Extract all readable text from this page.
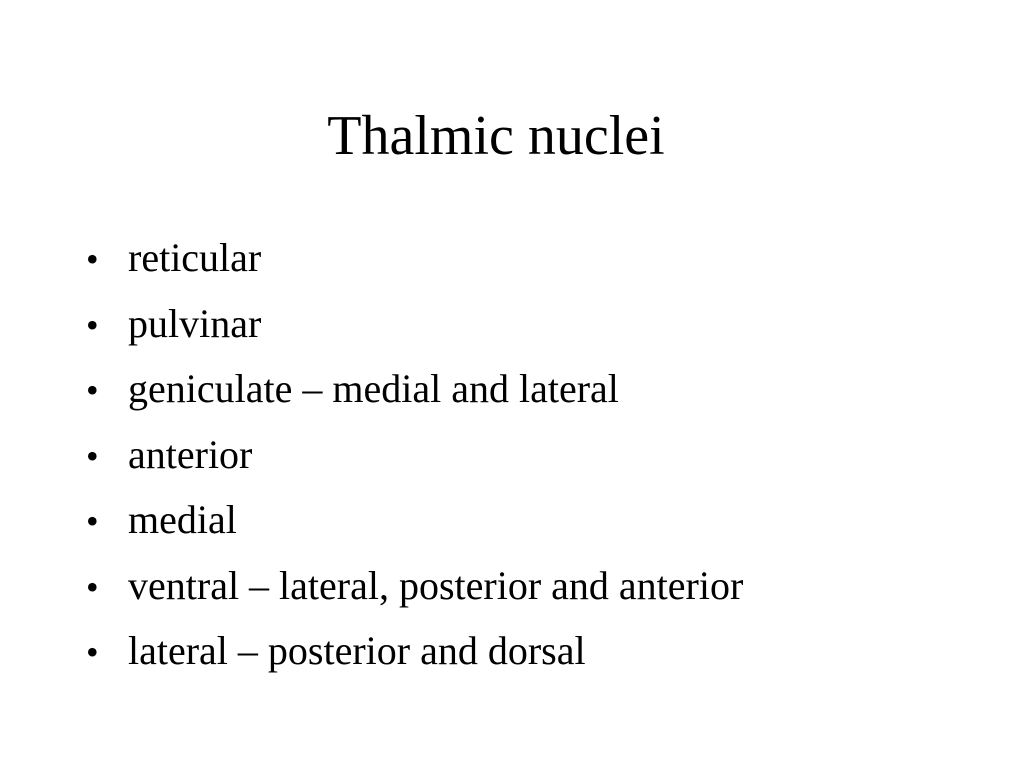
Thalmic nuclei
• reticular
• pulvinar
• geniculate – medial and lateral
• anterior
• medial
• ventral – lateral, posterior and anterior
• lateral – posterior and dorsal
